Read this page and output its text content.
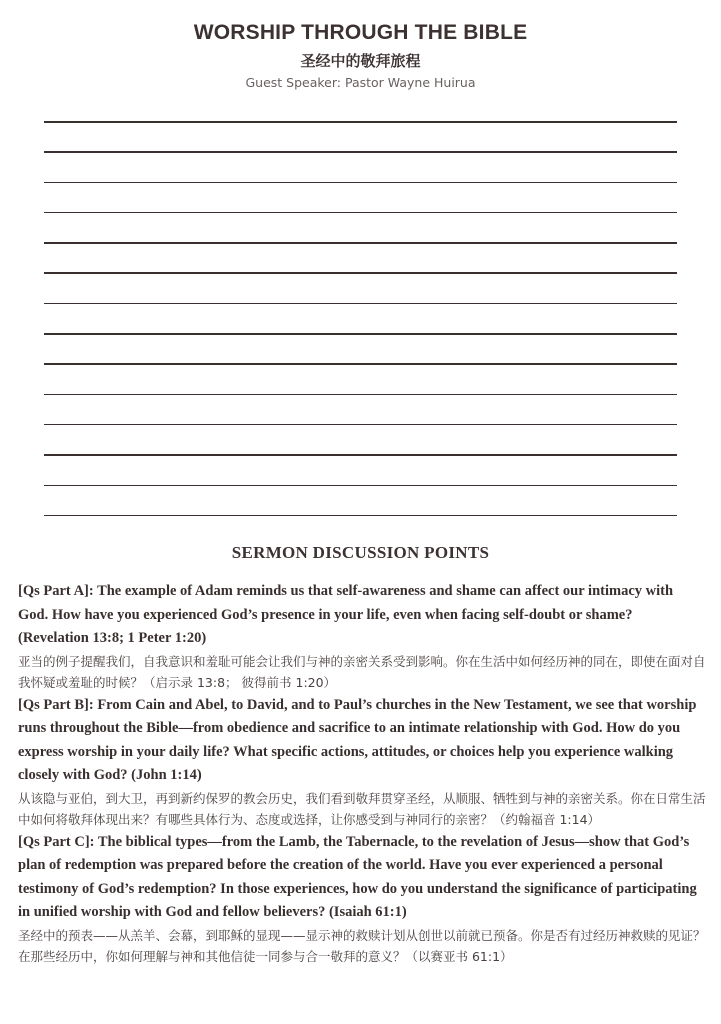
WORSHIP THROUGH THE BIBLE
圣经中的敬拜旅程
Guest Speaker: Pastor Wayne Huirua
SERMON DISCUSSION POINTS

[Qs Part A]: The example of Adam reminds us that self-awareness and shame can affect our intimacy with God. How have you experienced God’s presence in your life, even when facing self-doubt or shame? (Revelation 13:8; 1 Peter 1:20)

亚当的例子提醒我们，自我意识和羞耻可能会让我们与神的亲密关系受到影响。你在生活中如何经历神的同在，即使在面对自我怀疑或羞耻的时候？（启示录 13:8； 彼得前书 1:20）

[Qs Part B]: From Cain and Abel, to David, and to Paul’s churches in the New Testament, we see that worship runs throughout the Bible—from obedience and sacrifice to an intimate relationship with God. How do you express worship in your daily life? What specific actions, attitudes, or choices help you experience walking closely with God? (John 1:14)

从该隐与亚伯，到大卫，再到新约保罗的教会历史，我们看到敬拜贯穿圣经，从顺服、牺牲到与神的亲密关系。你在日常生活中如何将敬拜体现出来？有哪些具体行为、态度或选择，让你感受到与神同行的亲密？（约翰福音 1:14）

[Qs Part C]: The biblical types—from the Lamb, the Tabernacle, to the revelation of Jesus—show that God’s plan of redemption was prepared before the creation of the world. Have you ever experienced a personal testimony of God’s redemption? In those experiences, how do you understand the significance of participating in unified worship with God and fellow believers? (Isaiah 61:1)

圣经中的预表——从羔羊、会幕，到耶稣的显现——显示神的救赎计划从创世以前就已预备。你是否有过经历神救赎的见证？在那些经历中，你如何理解与神和其他信徒一同参与合一敬拜的意义？（以赛亚书 61:1）
